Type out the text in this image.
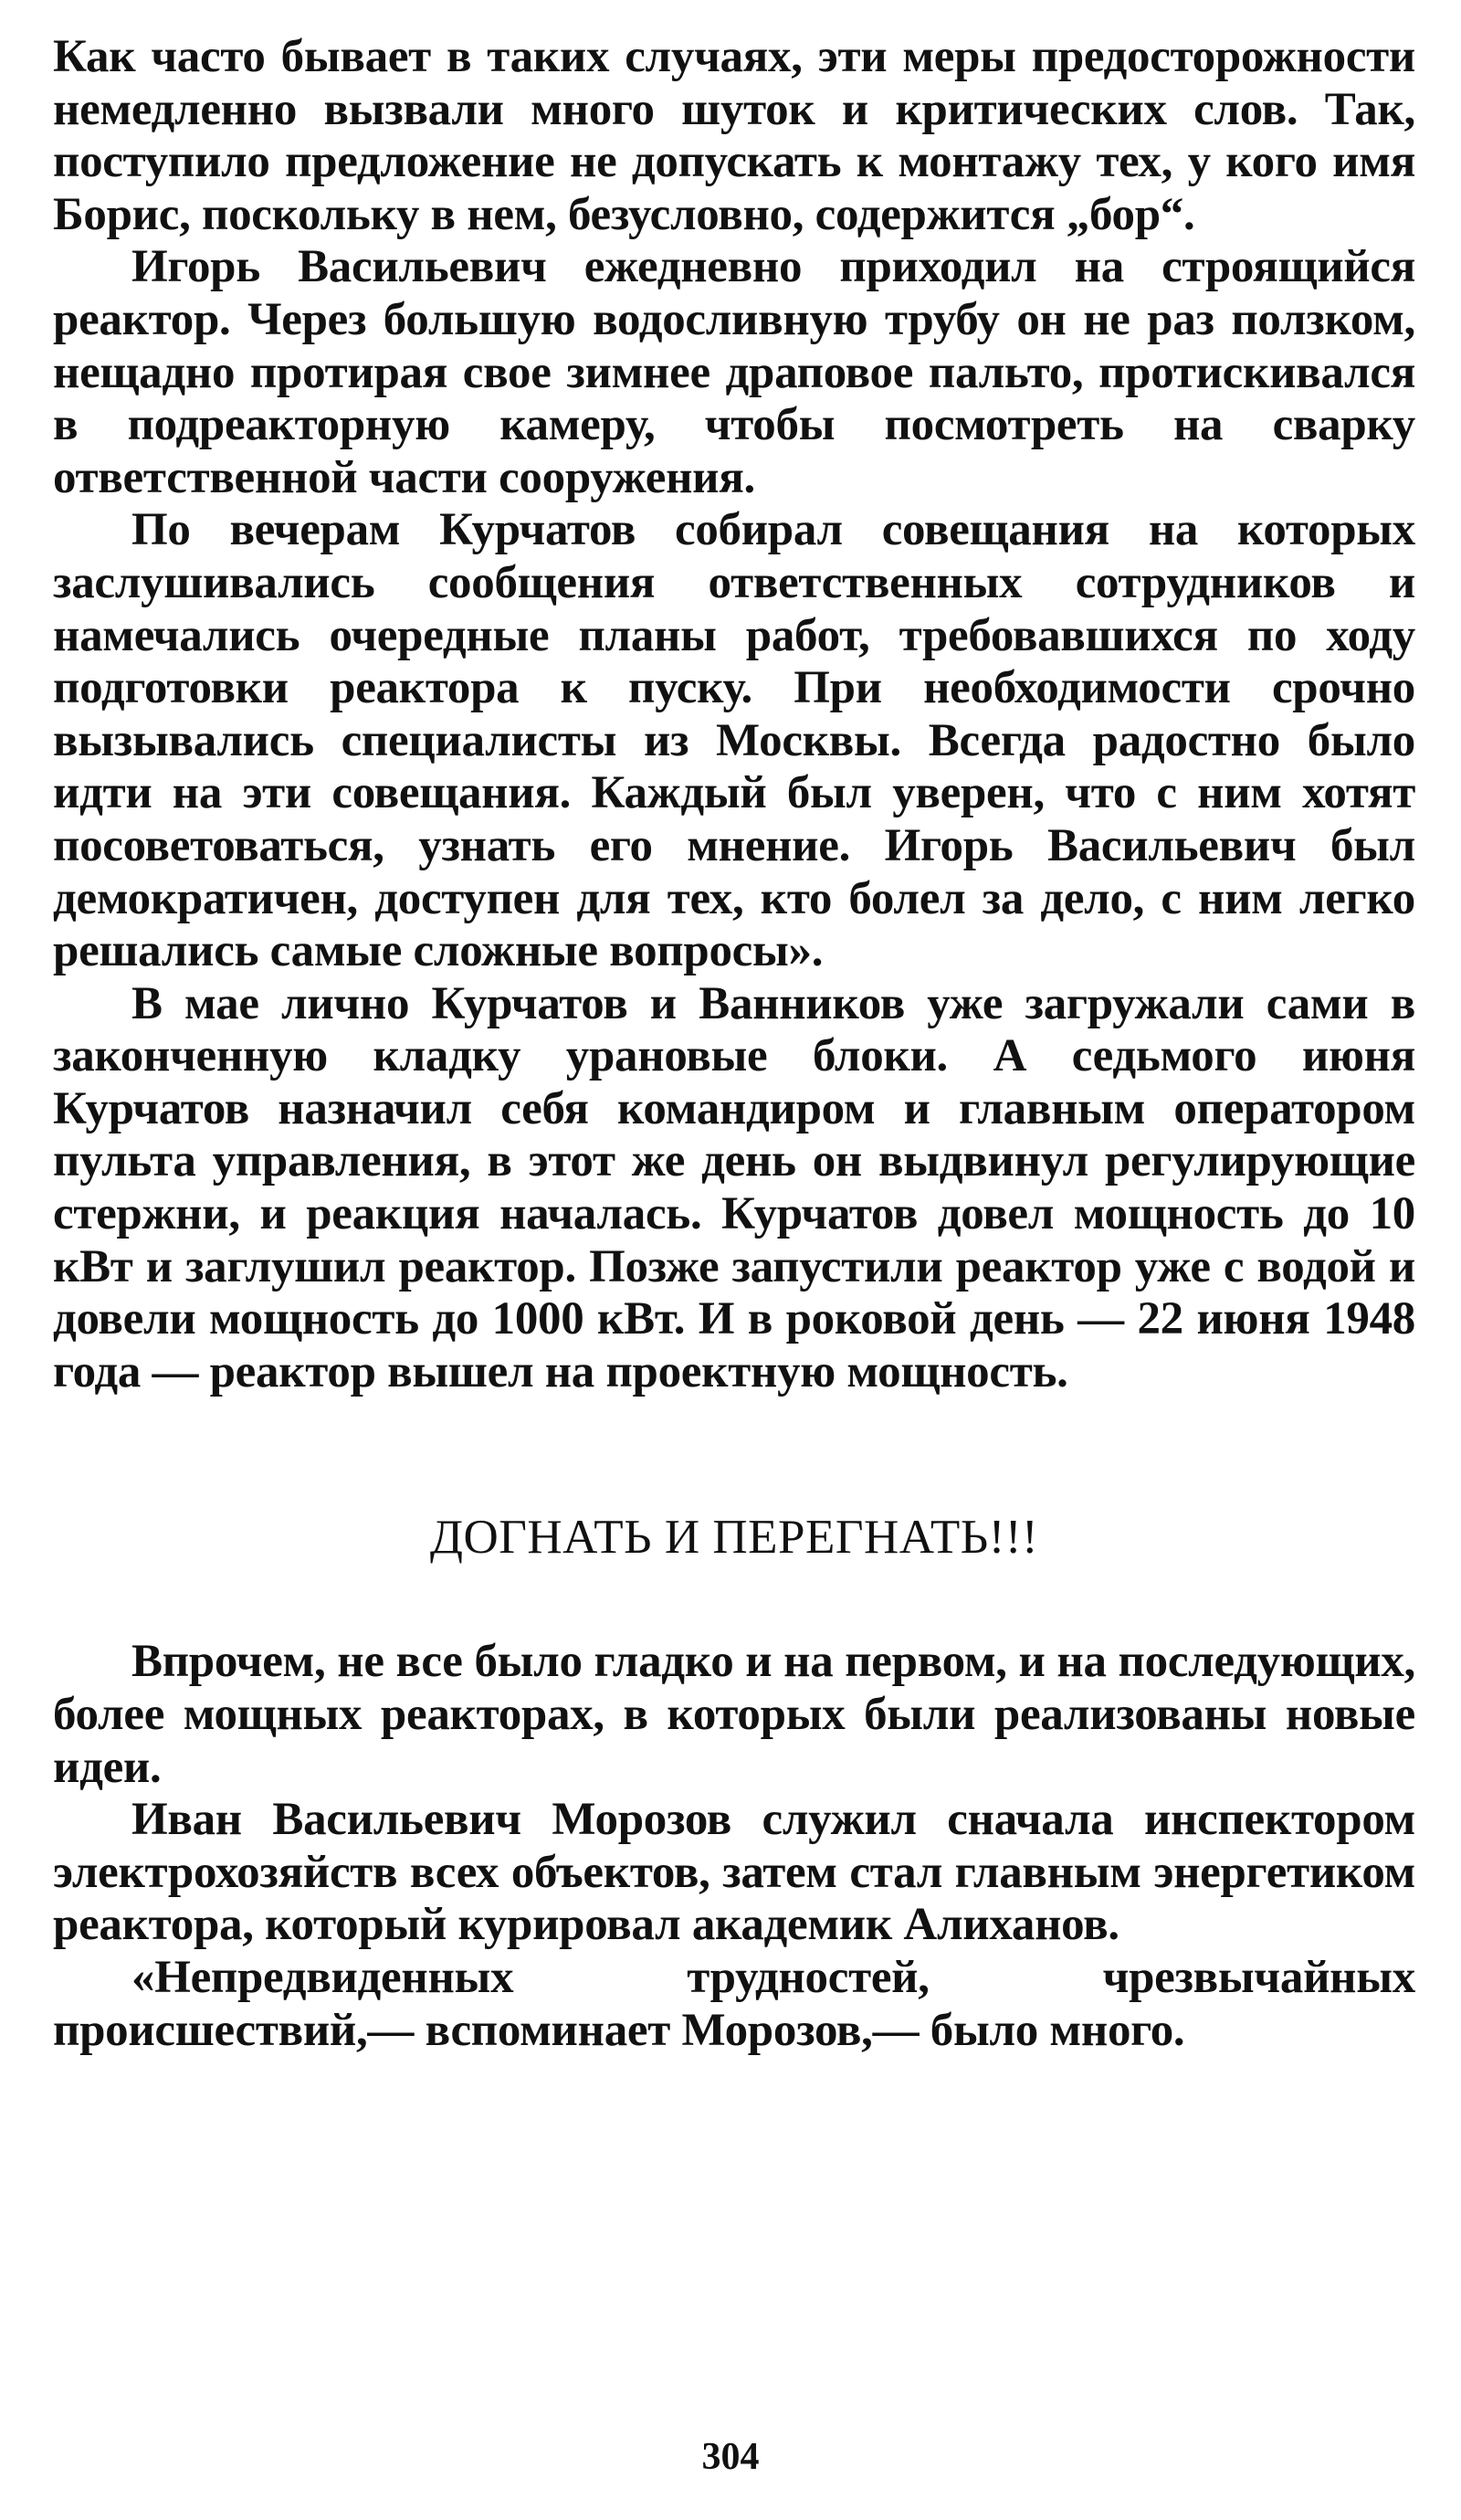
Как часто бывает в таких случаях, эти меры предосторожности немедленно вызвали много шуток и критических слов. Так, поступило предложение не допускать к монтажу тех, у кого имя Борис, поскольку в нем, безусловно, содержится „бор“.

Игорь Васильевич ежедневно приходил на строящийся реактор. Через большую водосливную трубу он не раз ползком, нещадно протирая свое зимнее драповое пальто, протискивался в подреакторную камеру, чтобы посмотреть на сварку ответственной части сооружения.

По вечерам Курчатов собирал совещания на которых заслушивались сообщения ответственных сотрудников и намечались очередные планы работ, требовавшихся по ходу подготовки реактора к пуску. При необходимости срочно вызывались специалисты из Москвы. Всегда радостно было идти на эти совещания. Каждый был уверен, что с ним хотят посоветоваться, узнать его мнение. Игорь Васильевич был демократичен, доступен для тех, кто болел за дело, с ним легко решались самые сложные вопросы».

В мае лично Курчатов и Ванников уже загружали сами в законченную кладку урановые блоки. А седьмого июня Курчатов назначил себя командиром и главным оператором пульта управления, в этот же день он выдвинул регулирующие стержни, и реакция началась. Курчатов довел мощность до 10 кВт и заглушил реактор. Позже запустили реактор уже с водой и довели мощность до 1000 кВт. И в роковой день — 22 июня 1948 года — реактор вышел на проектную мощность.

ДОГНАТЬ И ПЕРЕГНАТЬ!!!

Впрочем, не все было гладко и на первом, и на последующих, более мощных реакторах, в которых были реализованы новые идеи.

Иван Васильевич Морозов служил сначала инспектором электрохозяйств всех объектов, затем стал главным энергетиком реактора, который курировал академик Алиханов.

«Непредвиденных трудностей, чрезвычайных происшествий,— вспоминает Морозов,— было много.

304
